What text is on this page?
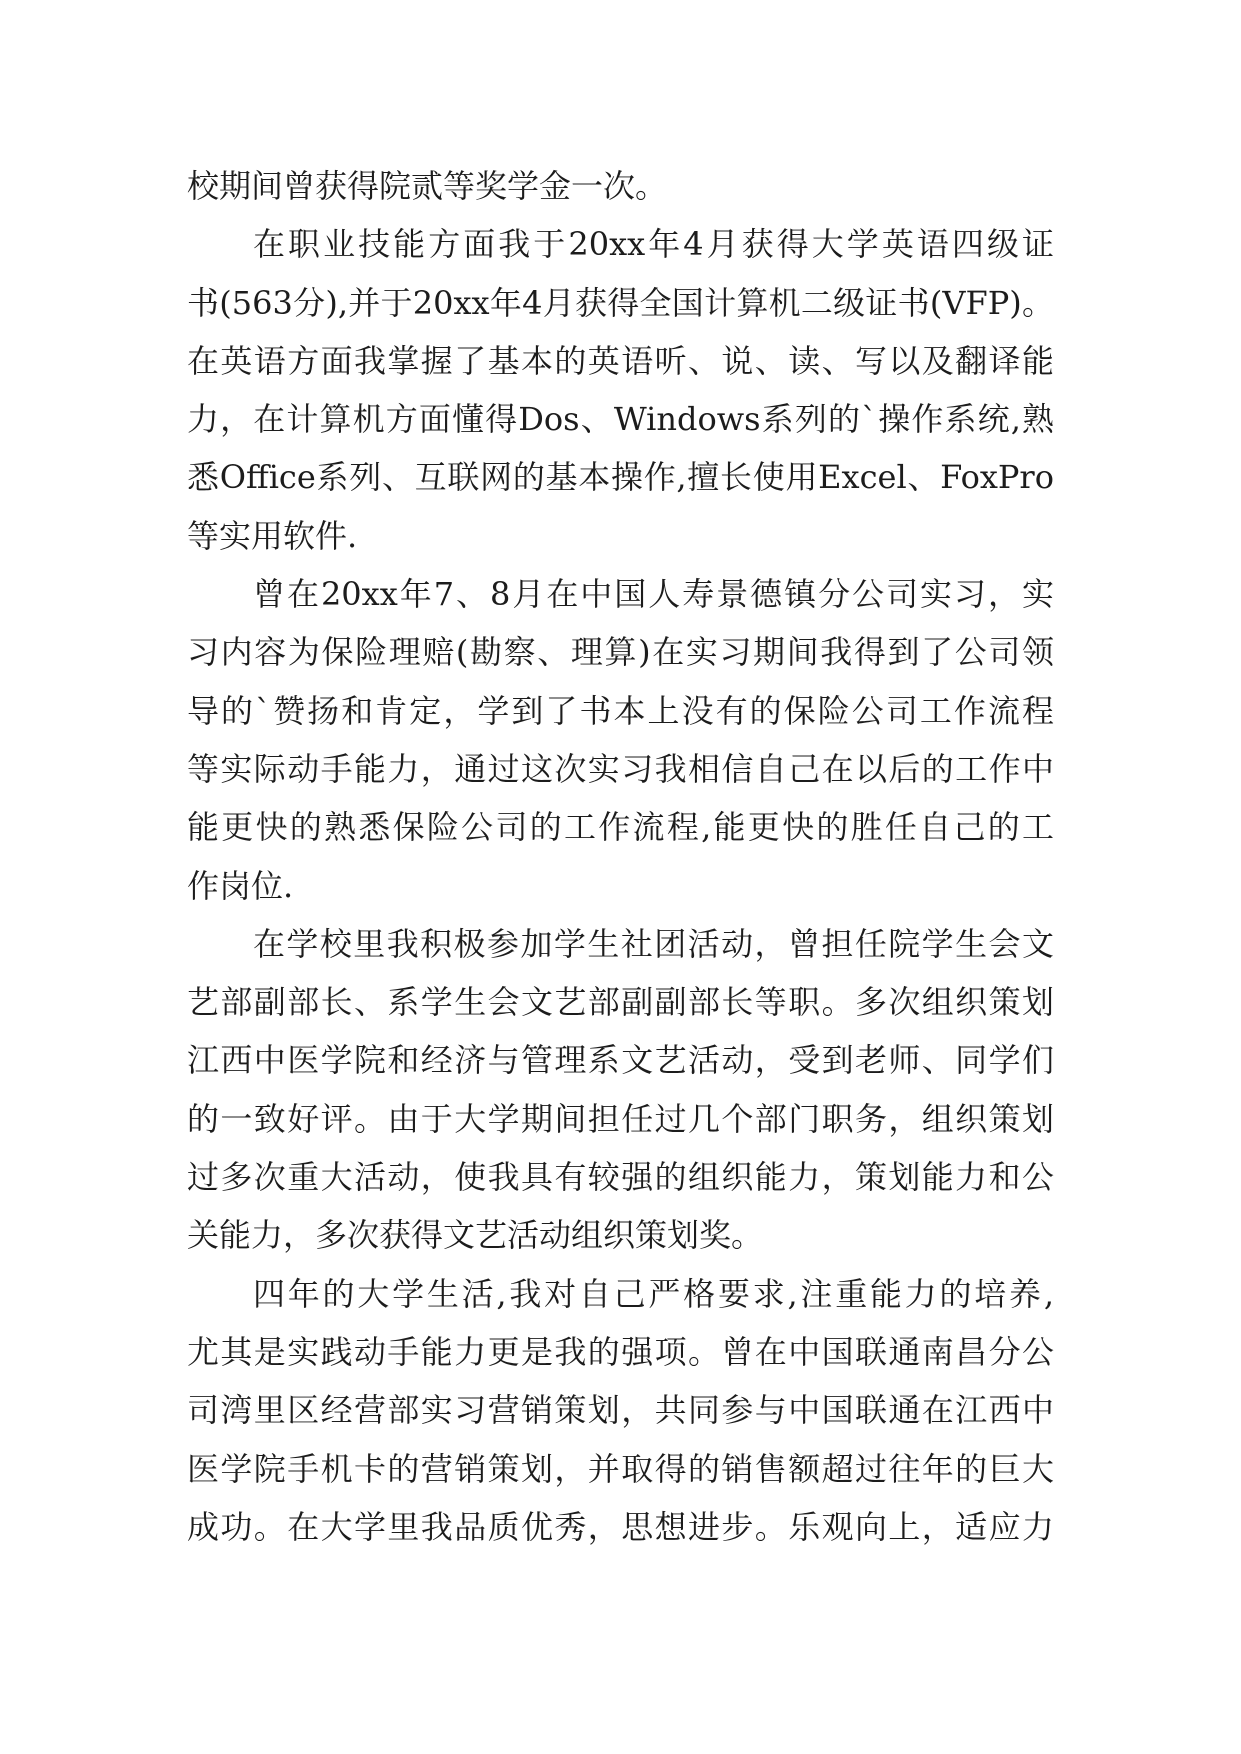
校期间曾获得院贰等奖学金一次。
在职业技能方面我于20xx年4月获得大学英语四级证
书(563分),并于20xx年4月获得全国计算机二级证书(VFP)。
在英语方面我掌握了基本的英语听、说、读、写以及翻译能
力，在计算机方面懂得Dos、Windows系列的`操作系统,熟
悉Office系列、互联网的基本操作,擅长使用Excel、FoxPro
等实用软件.
曾在20xx年7、8月在中国人寿景德镇分公司实习，实
习内容为保险理赔(勘察、理算)在实习期间我得到了公司领
导的`赞扬和肯定，学到了书本上没有的保险公司工作流程
等实际动手能力，通过这次实习我相信自己在以后的工作中
能更快的熟悉保险公司的工作流程,能更快的胜任自己的工
作岗位.
在学校里我积极参加学生社团活动，曾担任院学生会文
艺部副部长、系学生会文艺部副副部长等职。多次组织策划
江西中医学院和经济与管理系文艺活动，受到老师、同学们
的一致好评。由于大学期间担任过几个部门职务，组织策划
过多次重大活动，使我具有较强的组织能力，策划能力和公
关能力，多次获得文艺活动组织策划奖。
四年的大学生活,我对自己严格要求,注重能力的培养,
尤其是实践动手能力更是我的强项。曾在中国联通南昌分公
司湾里区经营部实习营销策划，共同参与中国联通在江西中
医学院手机卡的营销策划，并取得的销售额超过往年的巨大
成功。在大学里我品质优秀，思想进步。乐观向上，适应力
